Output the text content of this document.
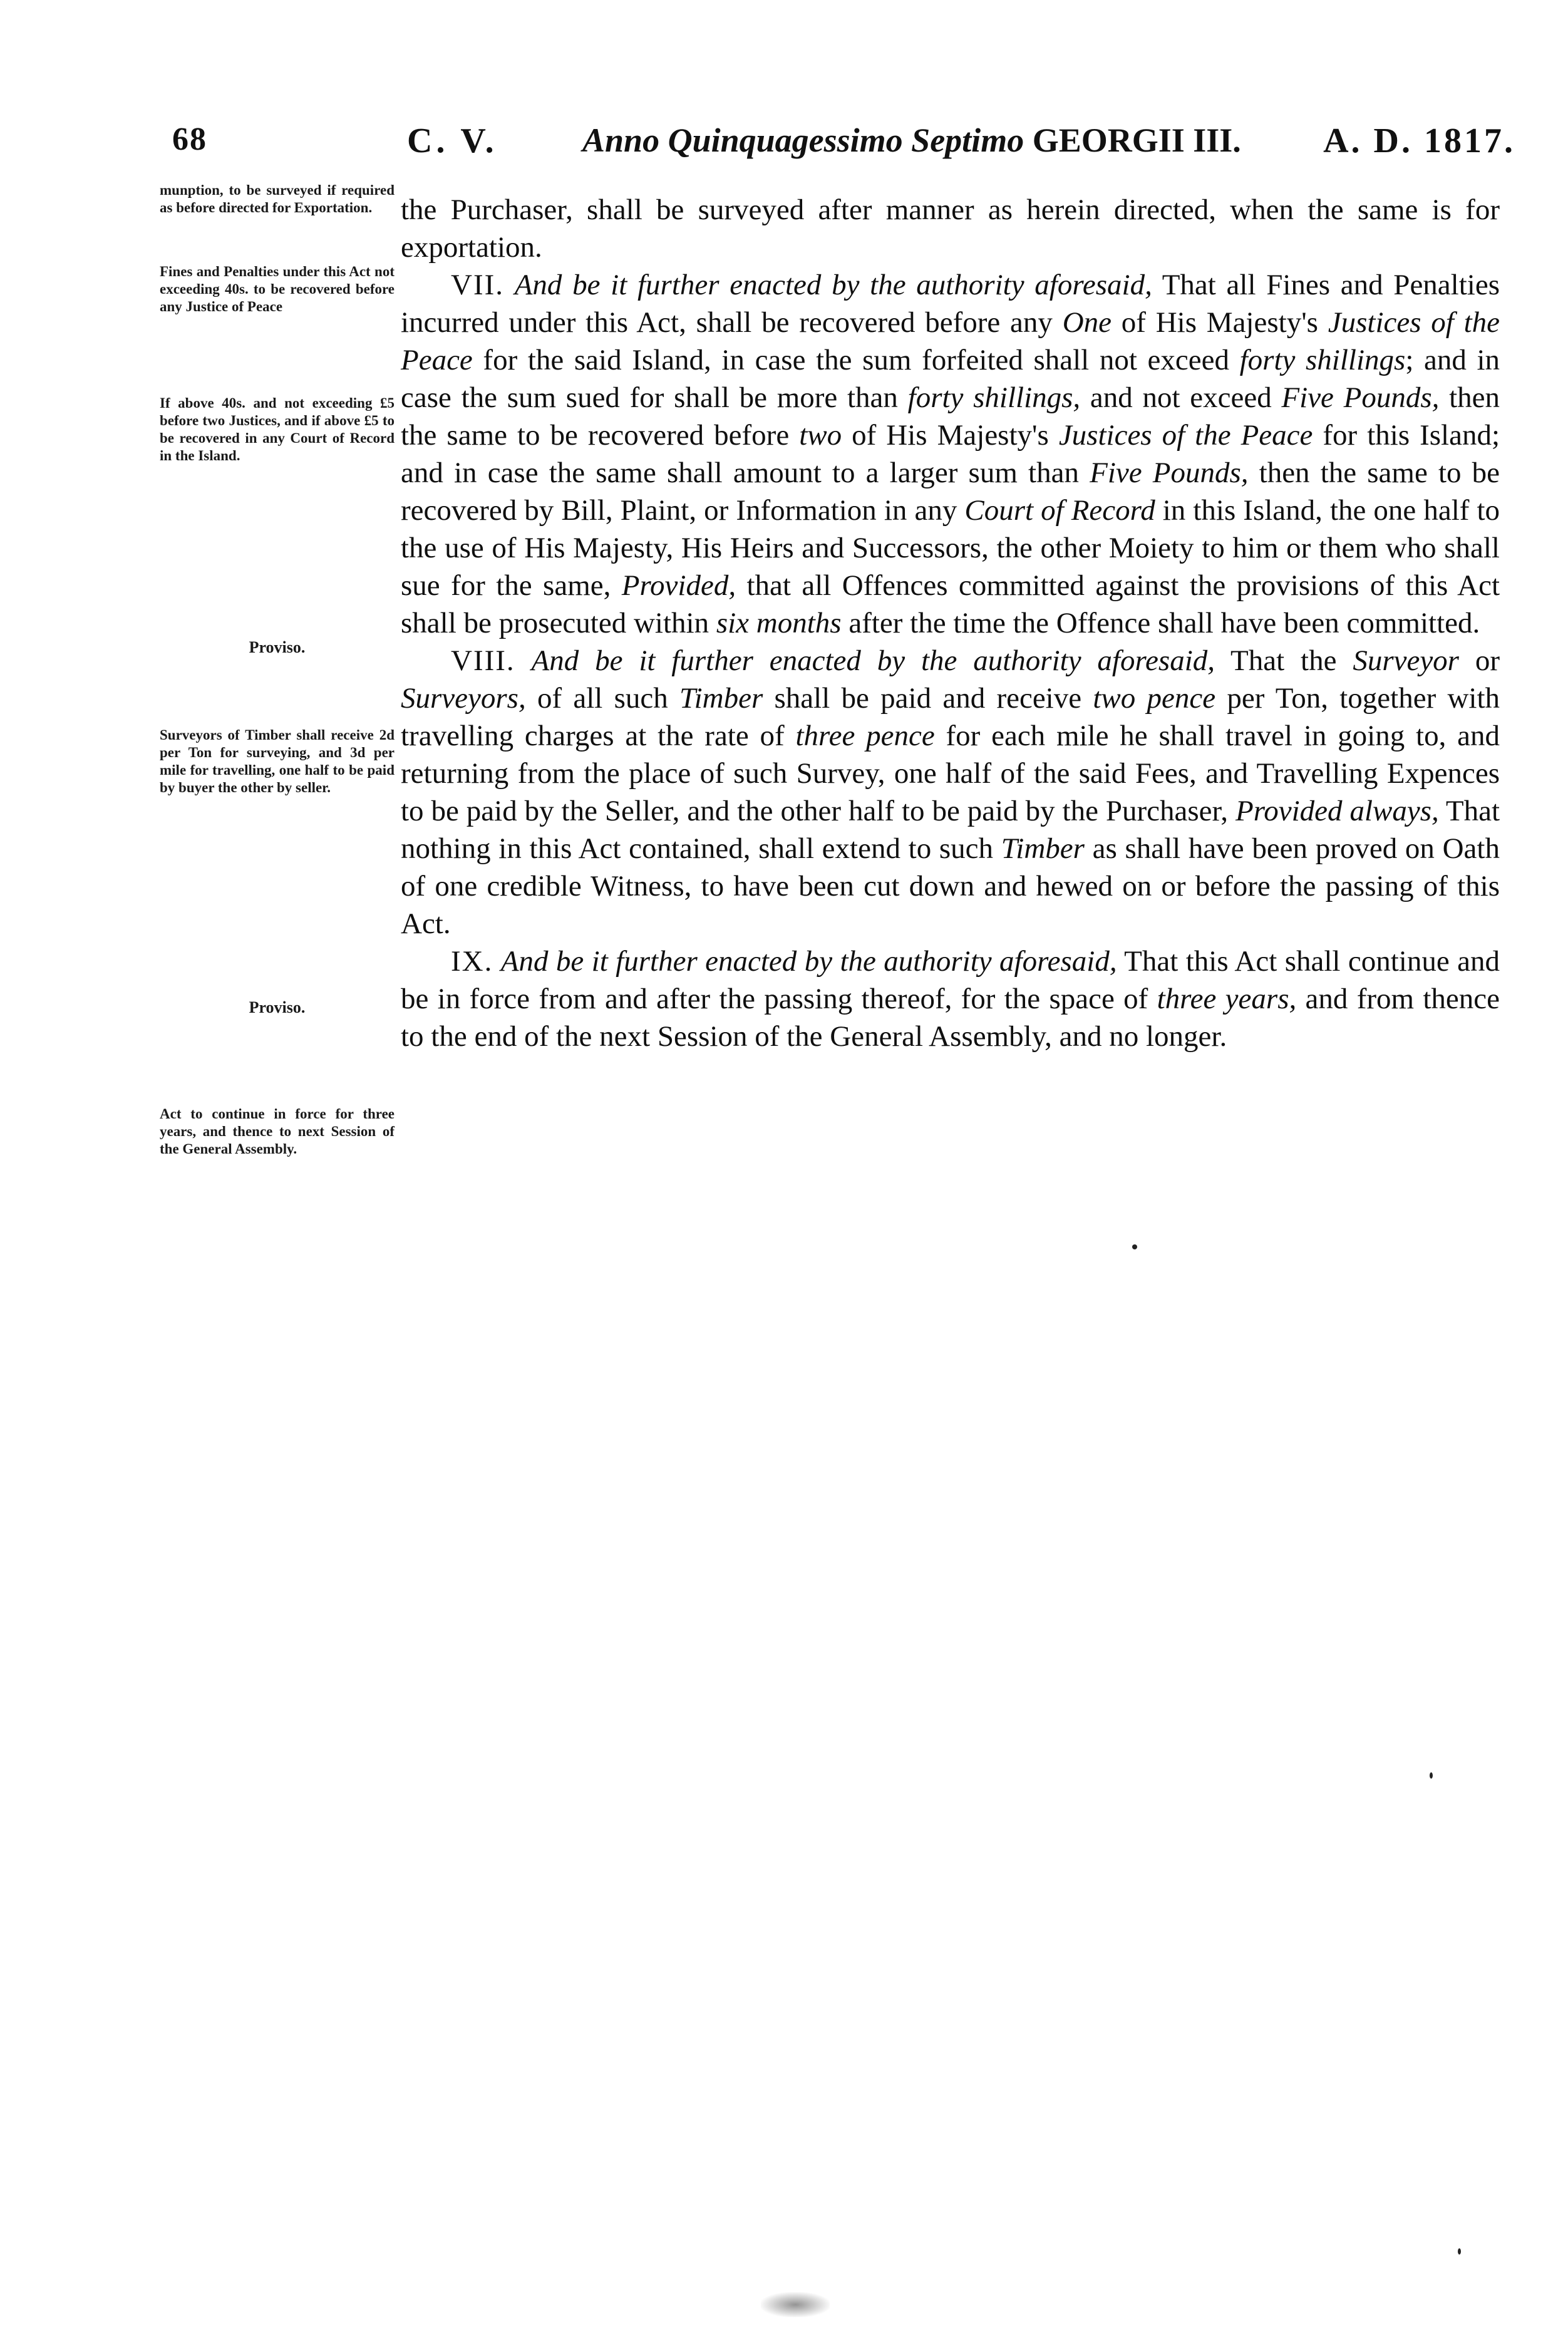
68	C. V.	Anno Quinquagessimo Septimo GEORGII III. A. D. 1817.
munption, to be surveyed if required as before directed for Exportation.
Fines and Penalties under this Act not exceeding 40s. to be recovered before any Justice of Peace
If above 40s. and not exceeding £5 before two Justices, and if above £5 to be recovered in any Court of Record in the Island.
Proviso.
Surveyors of Timber shall receive 2d per Ton for surveying, and 3d per mile for travelling, one half to be paid by buyer the other by seller.
Proviso.
Act to continue in force for three years, and thence to next Session of the General Assembly.

the Purchaser, shall be surveyed after manner as herein directed, when the same is for exportation.

VII. And be it further enacted by the authority aforesaid, That all Fines and Penalties incurred under this Act, shall be recovered before any One of His Majesty's Justices of the Peace for the said Island, in case the sum forfeited shall not exceed forty shillings; and in case the sum sued for shall be more than forty shillings, and not exceed Five Pounds, then the same to be recovered before two of His Majesty's Justices of the Peace for this Island; and in case the same shall amount to a larger sum than Five Pounds, then the same to be recovered by Bill, Plaint, or Information in any Court of Record in this Island, the one half to the use of His Majesty, His Heirs and Successors, the other Moiety to him or them who shall sue for the same, Provided, that all Offences committed against the provisions of this Act shall be prosecuted within six months after the time the Offence shall have been committed.

VIII. And be it further enacted by the authority aforesaid, That the Surveyor or Surveyors, of all such Timber shall be paid and receive two pence per Ton, together with travelling charges at the rate of three pence for each mile he shall travel in going to, and returning from the place of such Survey, one half of the said Fees, and Travelling Expences to be paid by the Seller, and the other half to be paid by the Purchaser, Provided always, That nothing in this Act contained, shall extend to such Timber as shall have been proved on Oath of one credible Witness, to have been cut down and hewed on or before the passing of this Act.

IX. And be it further enacted by the authority aforesaid, That this Act shall continue and be in force from and after the passing thereof, for the space of three years, and from thence to the end of the next Session of the General Assembly, and no longer.
